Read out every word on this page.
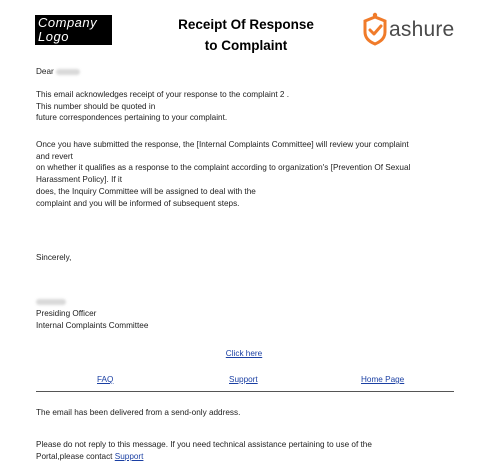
Company
Logo
Receipt Of Response
to Complaint
ashure
Dear
This email acknowledges receipt of your response to the complaint 2 .
This number should be quoted in
future correspondences pertaining to your complaint.
Once you have submitted the response, the [Internal Complaints Committee] will review your complaint
and revert
on whether it qualifies as a response to the complaint according to organization's [Prevention Of Sexual
Harassment Policy]. If it
does, the Inquiry Committee will be assigned to deal with the
complaint and you will be informed of subsequent steps.
Sincerely,
Presiding Officer
Internal Complaints Committee
Click here
FAQ	Support	Home Page
The email has been delivered from a send-only address.
Please do not reply to this message. If you need technical assistance pertaining to use of the
Portal,please contact Support
